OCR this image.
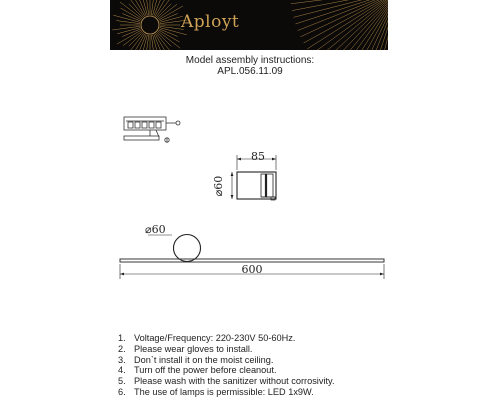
Aployt
Model assembly instructions:
APL.056.11.09
85
⌀60
⌀60
600
1. Voltage/Frequency: 220-230V 50-60Hz.
2. Please wear gloves to install.
3. Don`t install it on the moist ceiling.
4. Turn off the power before cleanout.
5. Please wash with the sanitizer without corrosivity.
6. The use of lamps is permissible: LED 1x9W.
